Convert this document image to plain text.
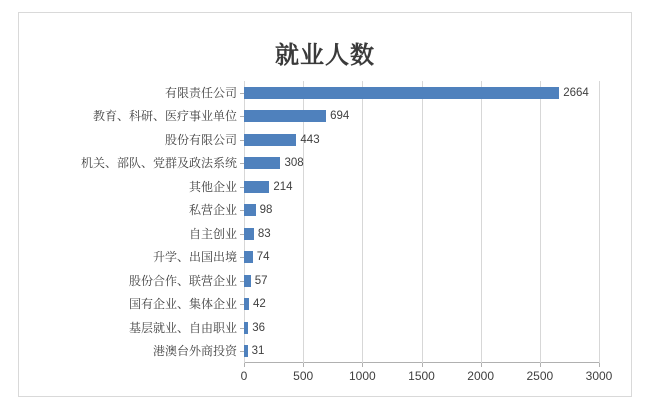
就业人数
0	500	1000	1500	2000	2500	3000
有限责任公司	2664
教育、科研、医疗事业单位	694
股份有限公司	443
机关、部队、党群及政法系统	308
其他企业	214
私营企业 98
自主创业 83
升学、出国出境 74
股份合作、联营企业 57
国有企业、集体企业 42
基层就业、自由职业 36
港澳台外商投资 31
